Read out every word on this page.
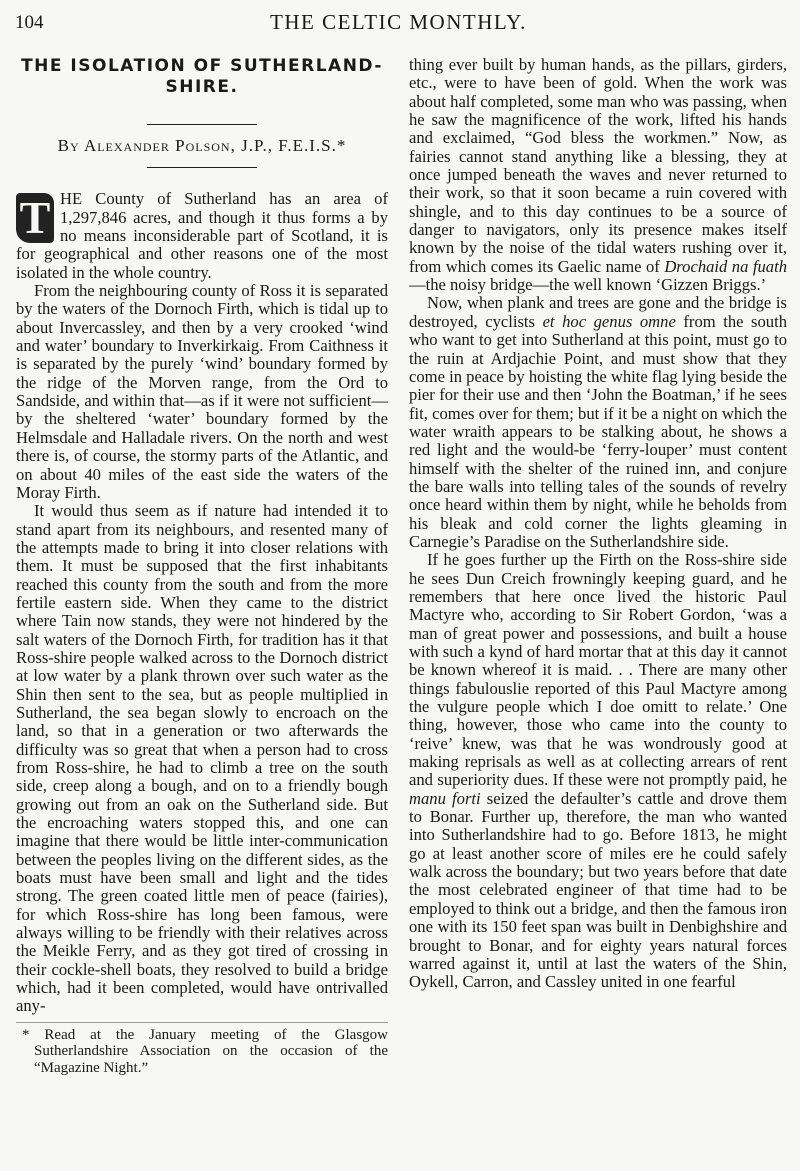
104	THE CELTIC MONTHLY.
THE ISOLATION OF SUTHERLAND-SHIRE.
By Alexander Polson, J.P., F.E.I.S.*

T HE County of Sutherland has an area of 1,297,846 acres, and though it thus forms a by no means inconsiderable part of Scotland, it is for geographical and other reasons one of the most isolated in the whole country.

From the neighbouring county of Ross it is separated by the waters of the Dornoch Firth, which is tidal up to about Invercassley, and then by a very crooked ‘wind and water’ boundary to Inverkirkaig. From Caithness it is separated by the purely ‘wind’ boundary formed by the ridge of the Morven range, from the Ord to Sandside, and within that—as if it were not sufficient—by the sheltered ‘water’ boundary formed by the Helmsdale and Halladale rivers. On the north and west there is, of course, the stormy parts of the Atlantic, and on about 40 miles of the east side the waters of the Moray Firth.

It would thus seem as if nature had intended it to stand apart from its neighbours, and resented many of the attempts made to bring it into closer relations with them. It must be supposed that the first inhabitants reached this county from the south and from the more fertile eastern side. When they came to the district where Tain now stands, they were not hindered by the salt waters of the Dornoch Firth, for tradition has it that Ross-shire people walked across to the Dornoch district at low water by a plank thrown over such water as the Shin then sent to the sea, but as people multiplied in Sutherland, the sea began slowly to encroach on the land, so that in a generation or two afterwards the difficulty was so great that when a person had to cross from Ross-shire, he had to climb a tree on the south side, creep along a bough, and on to a friendly bough growing out from an oak on the Sutherland side. But the encroaching waters stopped this, and one can imagine that there would be little inter-communication between the peoples living on the different sides, as the boats must have been small and light and the tides strong. The green coated little men of peace (fairies), for which Ross-shire has long been famous, were always willing to be friendly with their relatives across the Meikle Ferry, and as they got tired of crossing in their cockle-shell boats, they resolved to build a bridge which, had it been completed, would have ontrivalled any-

* Read at the January meeting of the Glasgow Sutherlandshire Association on the occasion of the “Magazine Night.”

thing ever built by human hands, as the pillars, girders, etc., were to have been of gold. When the work was about half completed, some man who was passing, when he saw the magnificence of the work, lifted his hands and exclaimed, “God bless the workmen.” Now, as fairies cannot stand anything like a blessing, they at once jumped beneath the waves and never returned to their work, so that it soon became a ruin covered with shingle, and to this day continues to be a source of danger to navigators, only its presence makes itself known by the noise of the tidal waters rushing over it, from which comes its Gaelic name of Drochaid na fuath—the noisy bridge—the well known ‘Gizzen Briggs.’

Now, when plank and trees are gone and the bridge is destroyed, cyclists et hoc genus omne from the south who want to get into Sutherland at this point, must go to the ruin at Ardjachie Point, and must show that they come in peace by hoisting the white flag lying beside the pier for their use and then ‘John the Boatman,’ if he sees fit, comes over for them; but if it be a night on which the water wraith appears to be stalking about, he shows a red light and the would-be ‘ferry-louper’ must content himself with the shelter of the ruined inn, and conjure the bare walls into telling tales of the sounds of revelry once heard within them by night, while he beholds from his bleak and cold corner the lights gleaming in Carnegie’s Paradise on the Sutherlandshire side.

If he goes further up the Firth on the Ross-shire side he sees Dun Creich frowningly keeping guard, and he remembers that here once lived the historic Paul Mactyre who, according to Sir Robert Gordon, ‘was a man of great power and possessions, and built a house with such a kynd of hard mortar that at this day it cannot be known whereof it is maid. . . There are many other things fabulouslie reported of this Paul Mactyre among the vulgure people which I doe omitt to relate.’ One thing, however, those who came into the county to ‘reive’ knew, was that he was wondrously good at making reprisals as well as at collecting arrears of rent and superiority dues. If these were not promptly paid, he manu forti seized the defaulter’s cattle and drove them to Bonar. Further up, therefore, the man who wanted into Sutherlandshire had to go. Before 1813, he might go at least another score of miles ere he could safely walk across the boundary; but two years before that date the most celebrated engineer of that time had to be employed to think out a bridge, and then the famous iron one with its 150 feet span was built in Denbighshire and brought to Bonar, and for eighty years natural forces warred against it, until at last the waters of the Shin, Oykell, Carron, and Cassley united in one fearful
